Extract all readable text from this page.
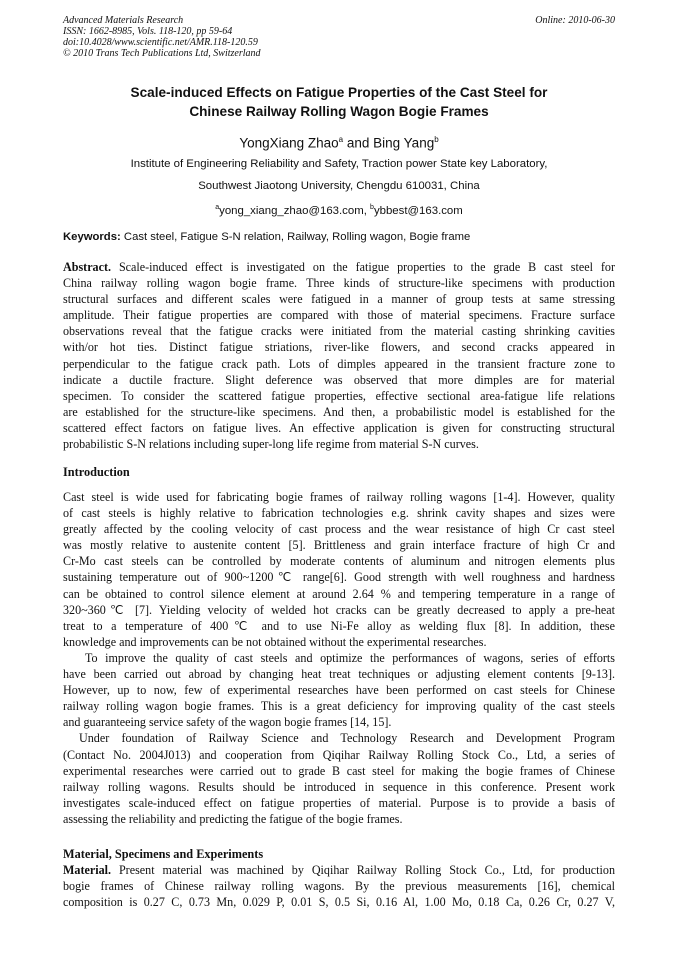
Advanced Materials Research
ISSN: 1662-8985, Vols. 118-120, pp 59-64
doi:10.4028/www.scientific.net/AMR.118-120.59
© 2010 Trans Tech Publications Ltd, Switzerland
Online: 2010-06-30
Scale-induced Effects on Fatigue Properties of the Cast Steel for
Chinese Railway Rolling Wagon Bogie Frames
YongXiang Zhao$^a$ and Bing Yang$^b$
Institute of Engineering Reliability and Safety, Traction power State key Laboratory,
Southwest Jiaotong University, Chengdu 610031, China
$^a$yong_xiang_zhao@163.com, $^b$ybbest@163.com
Keywords: Cast steel, Fatigue S-N relation, Railway, Rolling wagon, Bogie frame
Abstract. Scale-induced effect is investigated on the fatigue properties to the grade B cast steel for
China railway rolling wagon bogie frame. Three kinds of structure-like specimens with production
structural surfaces and different scales were fatigued in a manner of group tests at same stressing
amplitude. Their fatigue properties are compared with those of material specimens. Fracture surface
observations reveal that the fatigue cracks were initiated from the material casting shrinking cavities
with/or hot ties. Distinct fatigue striations, river-like flowers, and second cracks appeared in
perpendicular to the fatigue crack path. Lots of dimples appeared in the transient fracture zone to
indicate a ductile fracture. Slight deference was observed that more dimples are for material
specimen. To consider the scattered fatigue properties, effective sectional area-fatigue life relations
are established for the structure-like specimens. And then, a probabilistic model is established for the
scattered effect factors on fatigue lives. An effective application is given for constructing structural
probabilistic S-N relations including super-long life regime from material S-N curves.
Introduction
Cast steel is wide used for fabricating bogie frames of railway rolling wagons [1-4]. However, quality
of cast steels is highly relative to fabrication technologies e.g. shrink cavity shapes and sizes were
greatly affected by the cooling velocity of cast process and the wear resistance of high Cr cast steel
was mostly relative to austenite content [5]. Brittleness and grain interface fracture of high Cr and
Cr-Mo cast steels can be controlled by moderate contents of aluminum and nitrogen elements plus
sustaining temperature out of 900~1200℃ range[6]. Good strength with well roughness and hardness
can be obtained to control silence element at around 2.64 % and tempering temperature in a range of
320~360℃ [7]. Yielding velocity of welded hot cracks can be greatly decreased to apply a pre-heat
treat to a temperature of 400℃ and to use Ni-Fe alloy as welding flux [8]. In addition, these
knowledge and improvements can be not obtained without the experimental researches.
To improve the quality of cast steels and optimize the performances of wagons, series of efforts
have been carried out abroad by changing heat treat techniques or adjusting element contents [9-13].
However, up to now, few of experimental researches have been performed on cast steels for Chinese
railway rolling wagon bogie frames. This is a great deficiency for improving quality of the cast steels
and guaranteeing service safety of the wagon bogie frames [14, 15].
Under foundation of Railway Science and Technology Research and Development Program
(Contact No. 2004J013) and cooperation from Qiqihar Railway Rolling Stock Co., Ltd, a series of
experimental researches were carried out to grade B cast steel for making the bogie frames of Chinese
railway rolling wagons. Results should be introduced in sequence in this conference. Present work
investigates scale-induced effect on fatigue properties of material. Purpose is to provide a basis of
assessing the reliability and predicting the fatigue of the bogie frames.
Material, Specimens and Experiments
Material. Present material was machined by Qiqihar Railway Rolling Stock Co., Ltd, for production
bogie frames of Chinese railway rolling wagons. By the previous measurements [16], chemical
composition is 0.27 C, 0.73 Mn, 0.029 P, 0.01 S, 0.5 Si, 0.16 Al, 1.00 Mo, 0.18 Ca, 0.26 Cr, 0.27 V,
